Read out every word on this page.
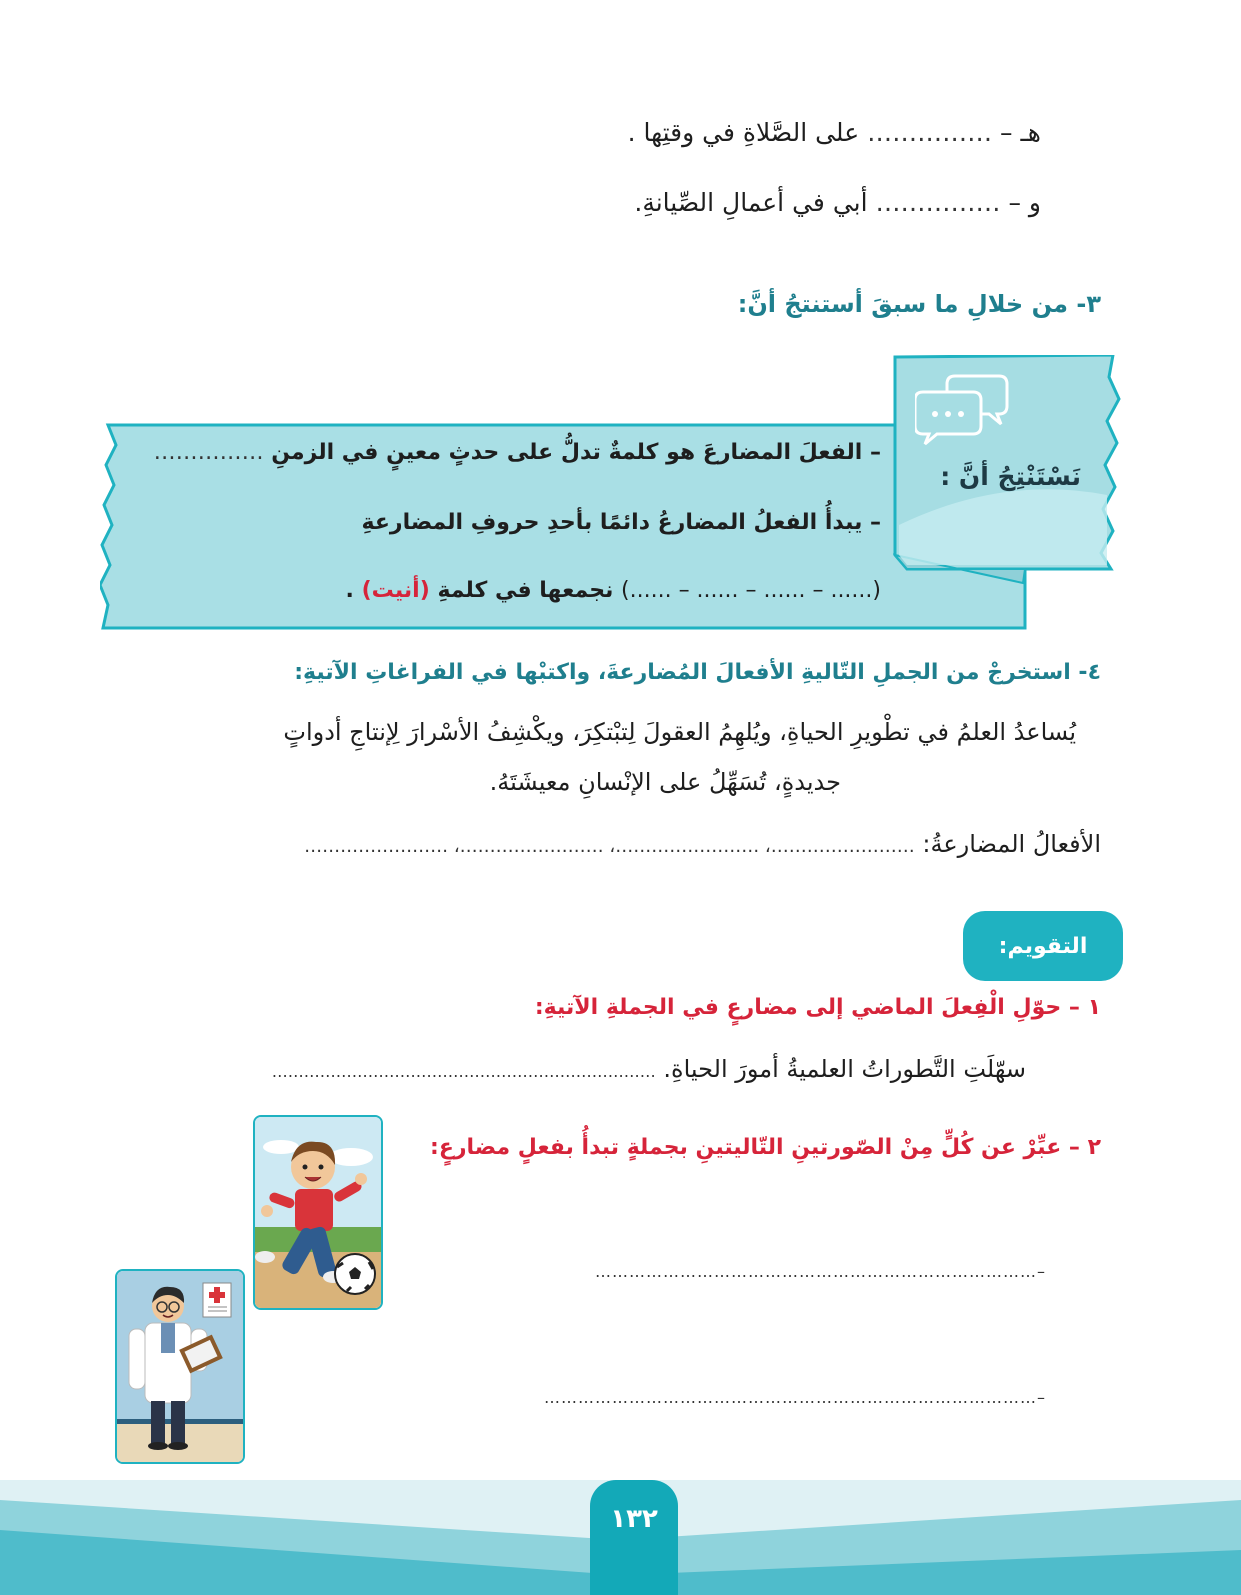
هـ – …………… على الصَّلاةِ في وقتِها .
و – …………… أبي في أعمالِ الصِّيانةِ.
٣- من خلالِ ما سبقَ أستنتجُ أنَّ:
نَسْتَنْتِجُ أنَّ :
– الفعلَ المضارعَ هو كلمةٌ تدلُّ على حدثٍ معينٍ في الزمنِ ……………
– يبدأُ الفعلُ المضارعُ دائمًا بأحدِ حروفِ المضارعةِ
(...... – ...... – ...... – ......) نجمعها في كلمةِ (أنيت) .
٤- استخرجْ من الجملِ التّاليةِ الأفعالَ المُضارعةَ، واكتبْها في الفراغاتِ الآتيةِ:
يُساعدُ العلمُ في تطْويرِ الحياةِ، ويُلهِمُ العقولَ لِتبْتكِرَ، ويكْشِفُ الأسْرارَ لِإنتاجِ أدواتٍ
جديدةٍ، تُسَهِّلُ على الإنْسانِ معيشَتَهُ.
الأفعالُ المضارعةُ: ……………………، ……………………، ……………………، ……………………
التقويم:
١ – حوّلِ الْفِعلَ الماضي إلى مضارعٍ في الجملةِ الآتيةِ:
سهّلَتِ التَّطوراتُ العلميةُ أمورَ الحياةِ. ………………………………………………………………
٢ – عبِّرْ عن كُلٍّ مِنْ الصّورتينِ التّاليتينِ بجملةٍ تبدأُ بفعلٍ مضارعٍ:
–……………………………………………………………………
–……………………………………………………………………………
١٣٢
